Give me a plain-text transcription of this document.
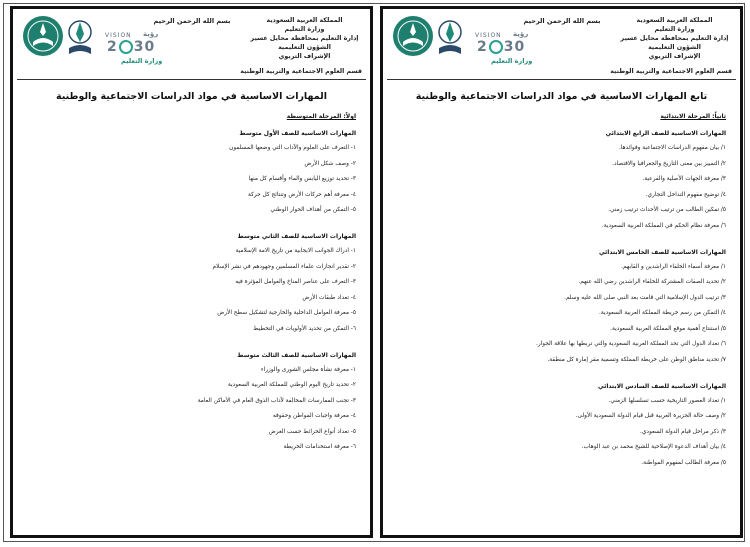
المملكة العربية السعودية
وزارة التعليم
إدارة التعليم بمحافظة محايل عسير
الشؤون التعليمية
الإشراف التربوي
بسم الله الرحمن الرحيم
VISION رؤية
2 30
وزارة التعليم
قسم العلوم الاجتماعية والتربية الوطنية
تابع المهارات الاساسية في مواد الدراسات الاجتماعية والوطنية
ثانياً: المرحلة الابتدائية
المهارات الاساسية للصف الرابع الابتدائي
١/ بيان مفهوم الدراسات الاجتماعية وفوائدها.
٢/ التمييز بين معنى التاريخ والجغرافيا والاقتصاد.
٣/ معرفة الجهات الأصلية والفرعية.
٤/ توضيح مفهوم التداخل التجاري.
٥/ تمكين الطالب من ترتيب الأحداث ترتيب زمني.
٦/ معرفة نظام الحكم في المملكة العربية السعودية.
المهارات الاساسية للصف الخامس الابتدائي
١/ معرفة أسماء الخلفاء الراشدين و القابهم.
٢/ تحديد الصفات المشتركة للخلفاء الراشدين رضي الله عنهم.
٣/ ترتيب الدول الإسلامية التي قامت بعد النبي صلى الله عليه وسلم.
٤/ التمكن من رسم خريطة المملكة العربية السعودية.
٥/ استنتاج أهمية موقع المملكة العربية السعودية.
٦/ تعداد الدول التي تحد المملكة العربية السعودية والتي تربطها بها علاقة الجوار.
٧/ تحديد مناطق الوطن على خريطة المملكة وتسمية مقر إمارة كل منطقة.
المهارات الاساسية للصف السادس الابتدائي
١/ تعداد العصور التاريخية حسب تسلسلها الزمني.
٢/ وصف حالة الجزيرة العربية قبل قيام الدولة السعودية الأولى.
٣/ ذكر مراحل قيام الدولة السعودي.
٤/ بيان أهداف الدعوة الإصلاحية للشيخ محمد بن عبد الوهاب.
٥/ معرفة الطالب لمفهوم المواطنة.
المملكة العربية السعودية
وزارة التعليم
إدارة التعليم بمحافظة محايل عسير
الشؤون التعليمية
الإشراف التربوي
بسم الله الرحمن الرحيم
VISION رؤية
2 30
وزارة التعليم
قسم العلوم الاجتماعية والتربية الوطنية
المهارات الاساسية في مواد الدراسات الاجتماعية والوطنية
اولاً: المرحلة المتوسطة
المهارات الاساسية للصف الأول متوسط
١- التعرف على العلوم والآداب التي وضعها المسلمون
٢- وصف شكل الأرض
٣- تحديد توزيع اليابس والماء وأقسام كل منها
٤- معرفة أهم حركات الأرض وتنتائج كل حركة
٥- التمكن من أهداف الحوار الوطني
المهارات الاساسية للصف الثاني متوسط
١- ادراك الجوانب الايجابية من تاريخ الامة الإسلامية
٢- تقدير انجازات علماء المسلمين وجهودهم في نشر الإسلام
٣- التعرف على عناصر المناخ والعوامل المؤثرة فيه
٤- تعداد طبقات الأرض
٥- معرفة العوامل الداخلية والخارجية لتشكيل سطح الأرض
٦- التمكن من تحديد الأولويات في التخطيط
المهارات الاساسية للصف الثالث متوسط
١- معرفة نشأة مجلس الشورى والوزراء
٢- تحديد تاريخ اليوم الوطني للمملكة العربية السعودية
٣- تجنب الممارسات المخالفة لآداب الذوق العام في الأماكن العامة
٤- معرفة واجبات المواطن وحقوقه
٥- تعداد أنواع الخرائط حسب الغرض
٦- معرفة استخدامات الخريطة
